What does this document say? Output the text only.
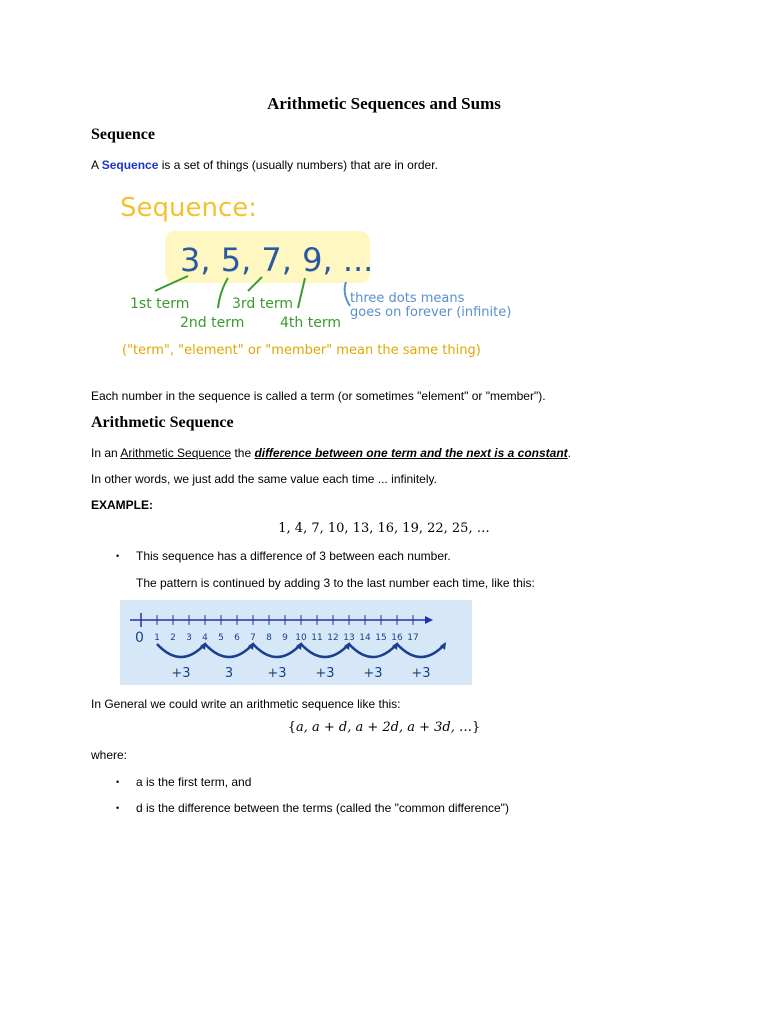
Arithmetic Sequences and Sums
Sequence
A Sequence is a set of things (usually numbers) that are in order.
Sequence:
3, 5, 7, 9, ...
1st term
2nd term
3rd term
4th term
three dots means
goes on forever (infinite)
("term", "element" or "member" mean the same thing)
Each number in the sequence is called a term (or sometimes "element" or "member").
Arithmetic Sequence
In an Arithmetic Sequence the difference between one term and the next is a constant.
In other words, we just add the same value each time ... infinitely.
EXAMPLE:
1, 4, 7, 10, 13, 16, 19, 22, 25, …
• This sequence has a difference of 3 between each number.
The pattern is continued by adding 3 to the last number each time, like this:
0 1 2 3 4 5 6 7 8 9 10 11 12 13 14 15 16 17
+3	3	+3 +3 +3 +3
In General we could write an arithmetic sequence like this:
{a, a + d, a + 2d, a + 3d, …}
where:
• a is the first term, and
• d is the difference between the terms (called the "common difference")
